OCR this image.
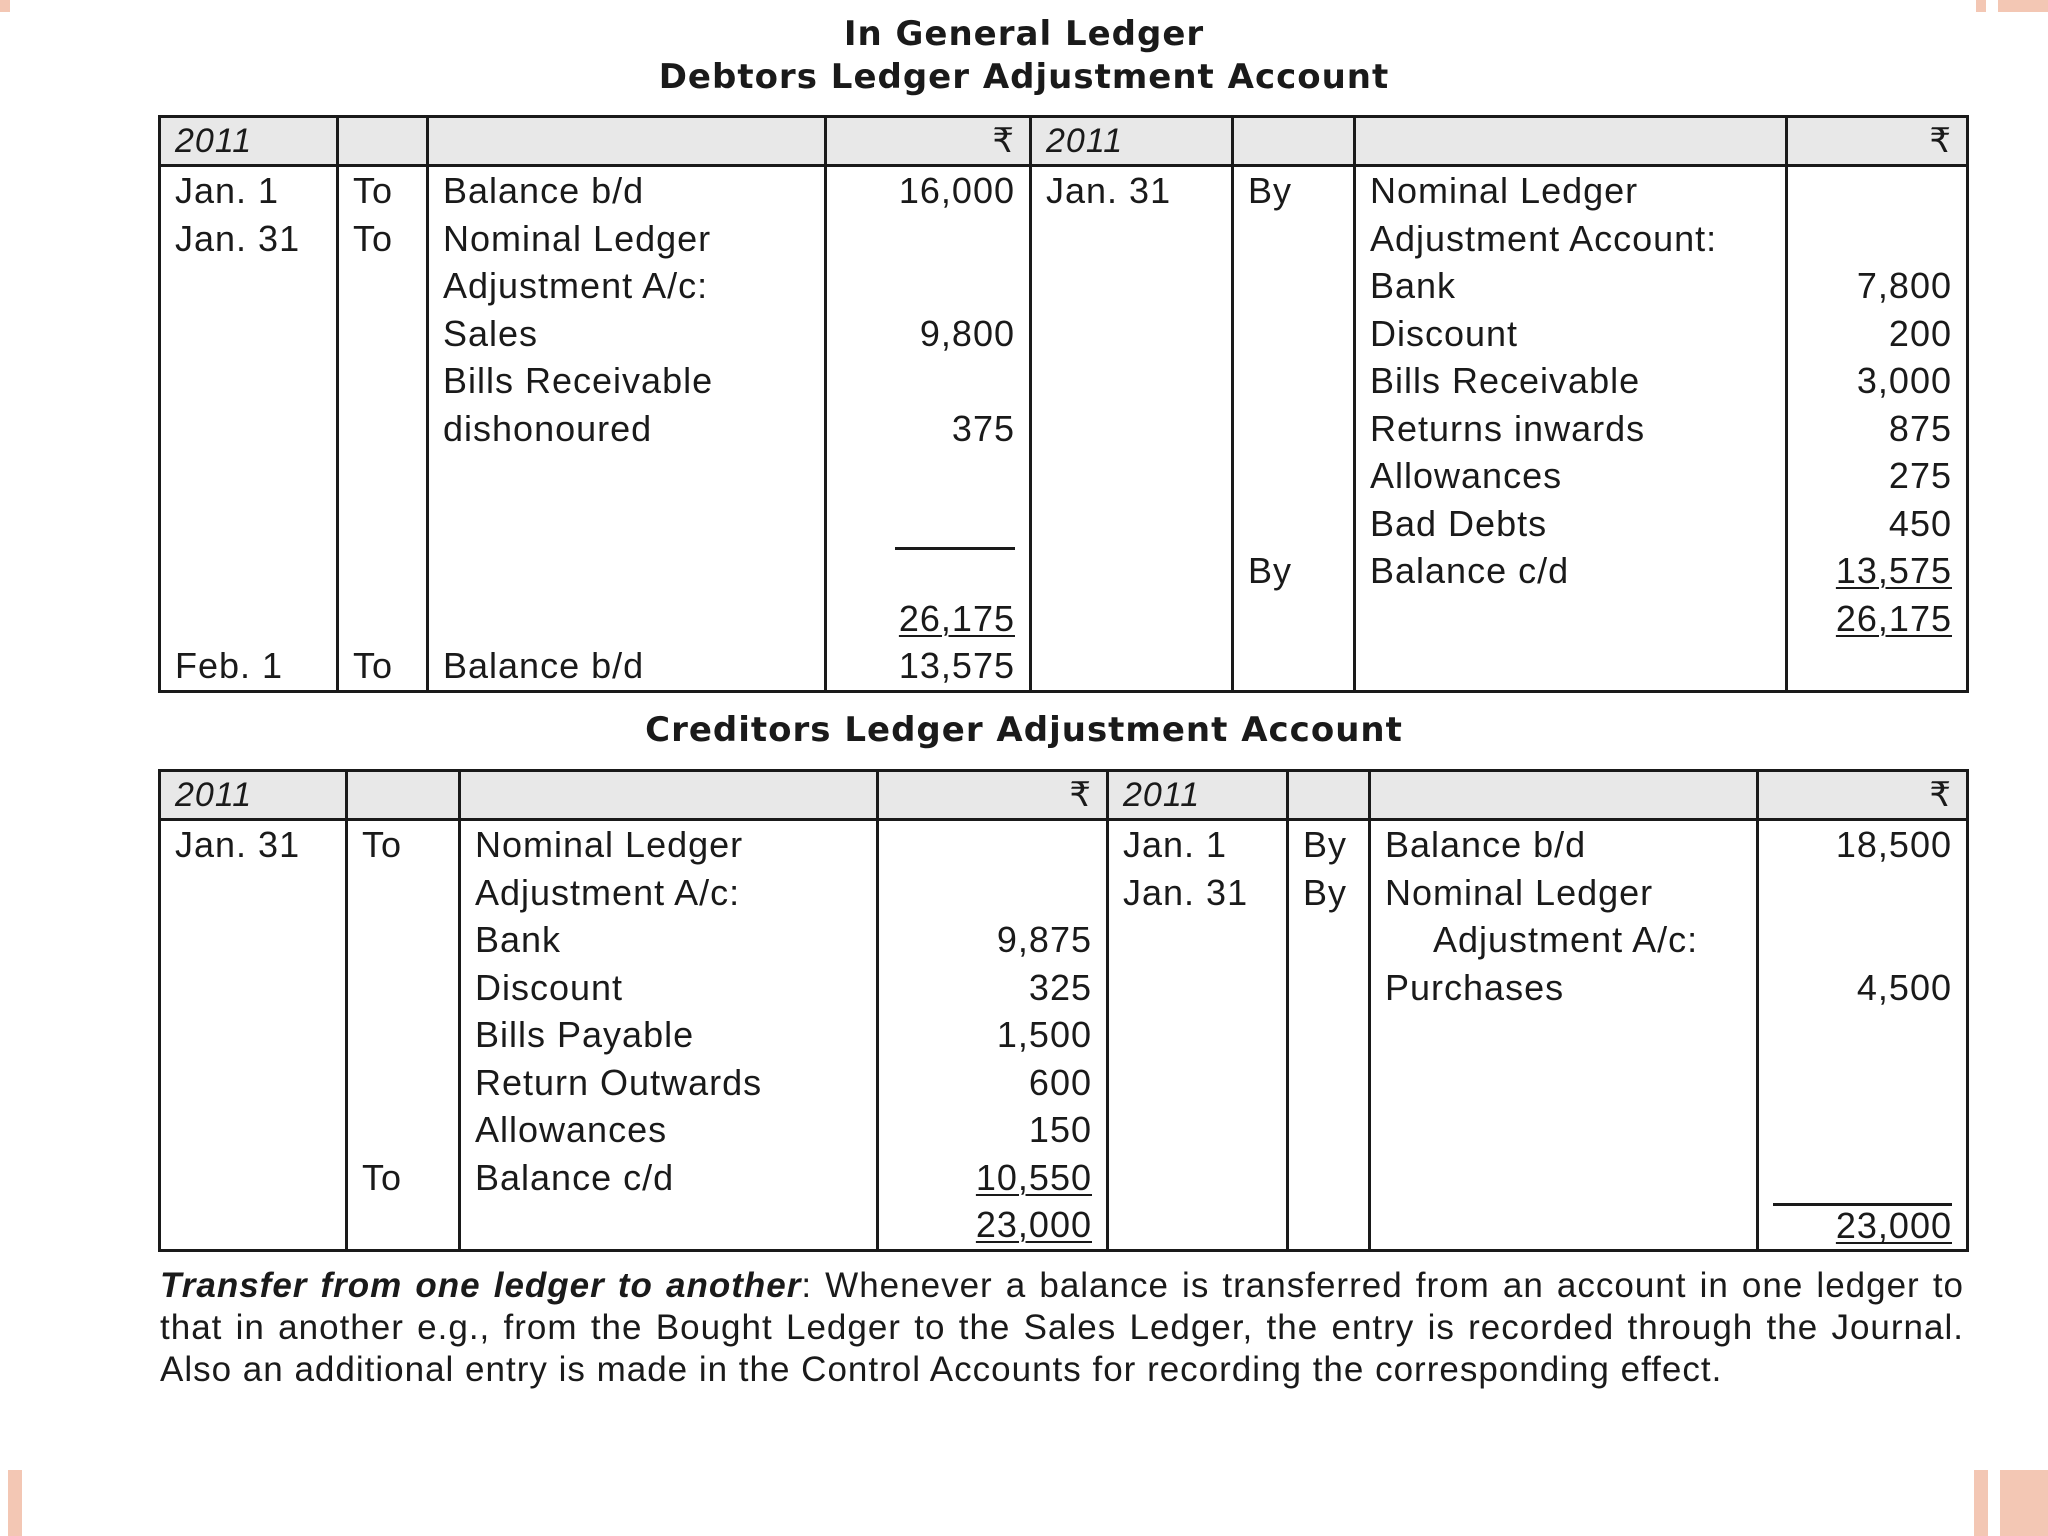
In General Ledger
Debtors Ledger Adjustment Account
2011			₹	2011			₹
Jan. 1	To	Balance b/d	16,000	Jan. 31	By	Nominal Ledger	
Jan. 31	To	Nominal Ledger				Adjustment Account:	
		Adjustment A/c:				Bank	7,800
		Sales	9,800			Discount	200
		Bills Receivable				Bills Receivable	3,000
		dishonoured	375			Returns inwards	875
						Allowances	275
						Bad Debts	450
					By	Balance c/d	13,575
			26,175				26,175
Feb. 1	To	Balance b/d	13,575				
Creditors Ledger Adjustment Account
2011			₹	2011			₹
Jan. 31	To	Nominal Ledger		Jan. 1	By	Balance b/d	18,500
		Adjustment A/c:		Jan. 31	By	Nominal Ledger	
		Bank	9,875			Adjustment A/c:	
		Discount	325			Purchases	4,500
		Bills Payable	1,500				
		Return Outwards	600				
		Allowances	150				
	To	Balance c/d	10,550				
			23,000				23,000
Transfer from one ledger to another: Whenever a balance is transferred from an account in one ledger to that in another e.g., from the Bought Ledger to the Sales Ledger, the entry is recorded through the Journal. Also an additional entry is made in the Control Accounts for recording the corresponding effect.
